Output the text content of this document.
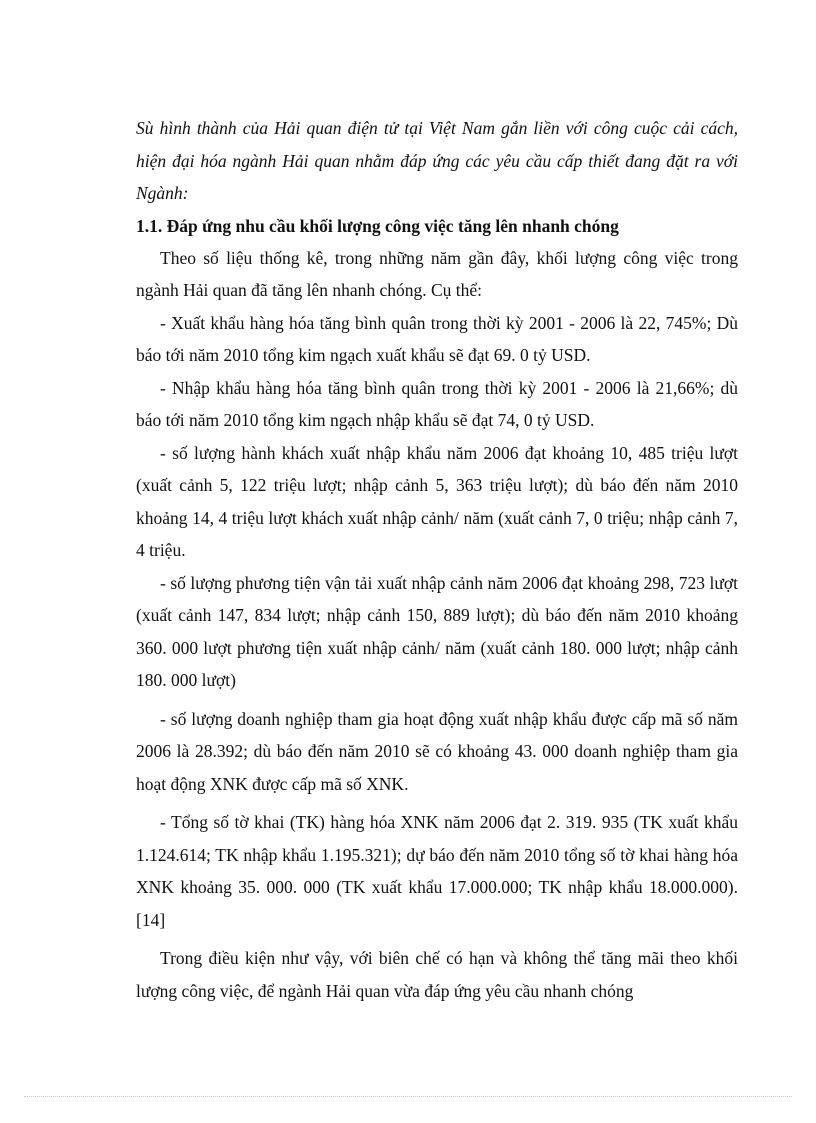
Sù hình thành của Hải quan điện tử tại Việt Nam gắn liền với công cuộc cải cách, hiện đại hóa ngành Hải quan nhằm đáp ứng các yêu cầu cấp thiết đang đặt ra với Ngành:

1.1. Đáp ứng nhu cầu khối lượng công việc tăng lên nhanh chóng

Theo số liệu thống kê, trong những năm gần đây, khối lượng công việc trong ngành Hải quan đã tăng lên nhanh chóng. Cụ thể:

- Xuất khẩu hàng hóa tăng bình quân trong thời kỳ 2001 - 2006 là 22, 745%; Dù báo tới năm 2010 tổng kim ngạch xuất khẩu sẽ đạt 69. 0 tỷ USD.

- Nhập khẩu hàng hóa tăng bình quân trong thời kỳ 2001 - 2006 là 21,66%; dù báo tới năm 2010 tổng kim ngạch nhập khẩu sẽ đạt 74, 0 tỷ USD.

- số lượng hành khách xuất nhập khẩu năm 2006 đạt khoảng 10, 485 triệu lượt (xuất cảnh 5, 122 triệu lượt; nhập cảnh 5, 363 triệu lượt); dù báo đến năm 2010 khoảng 14, 4 triệu lượt khách xuất nhập cảnh/ năm (xuất cảnh 7, 0 triệu; nhập cảnh 7, 4 triệu.

- số lượng phương tiện vận tải xuất nhập cảnh năm 2006 đạt khoảng 298, 723 lượt (xuất cảnh 147, 834 lượt; nhập cảnh 150, 889 lượt); dù báo đến năm 2010 khoảng 360. 000 lượt phương tiện xuất nhập cảnh/ năm (xuất cảnh 180. 000 lượt; nhập cảnh 180. 000 lượt)

- số lượng doanh nghiệp tham gia hoạt động xuất nhập khẩu được cấp mã số năm 2006 là 28.392; dù báo đến năm 2010 sẽ có khoảng 43. 000 doanh nghiệp tham gia hoạt động XNK được cấp mã số XNK.

- Tổng số tờ khai (TK) hàng hóa XNK năm 2006 đạt 2. 319. 935 (TK xuất khẩu 1.124.614; TK nhập khẩu 1.195.321); dự báo đến năm 2010 tổng số tờ khai hàng hóa XNK khoảng 35. 000. 000 (TK xuất khẩu 17.000.000; TK nhập khẩu 18.000.000).[14]

Trong điều kiện như vậy, với biên chế có hạn và không thể tăng mãi theo khối lượng công việc, để ngành Hải quan vừa đáp ứng yêu cầu nhanh chóng
